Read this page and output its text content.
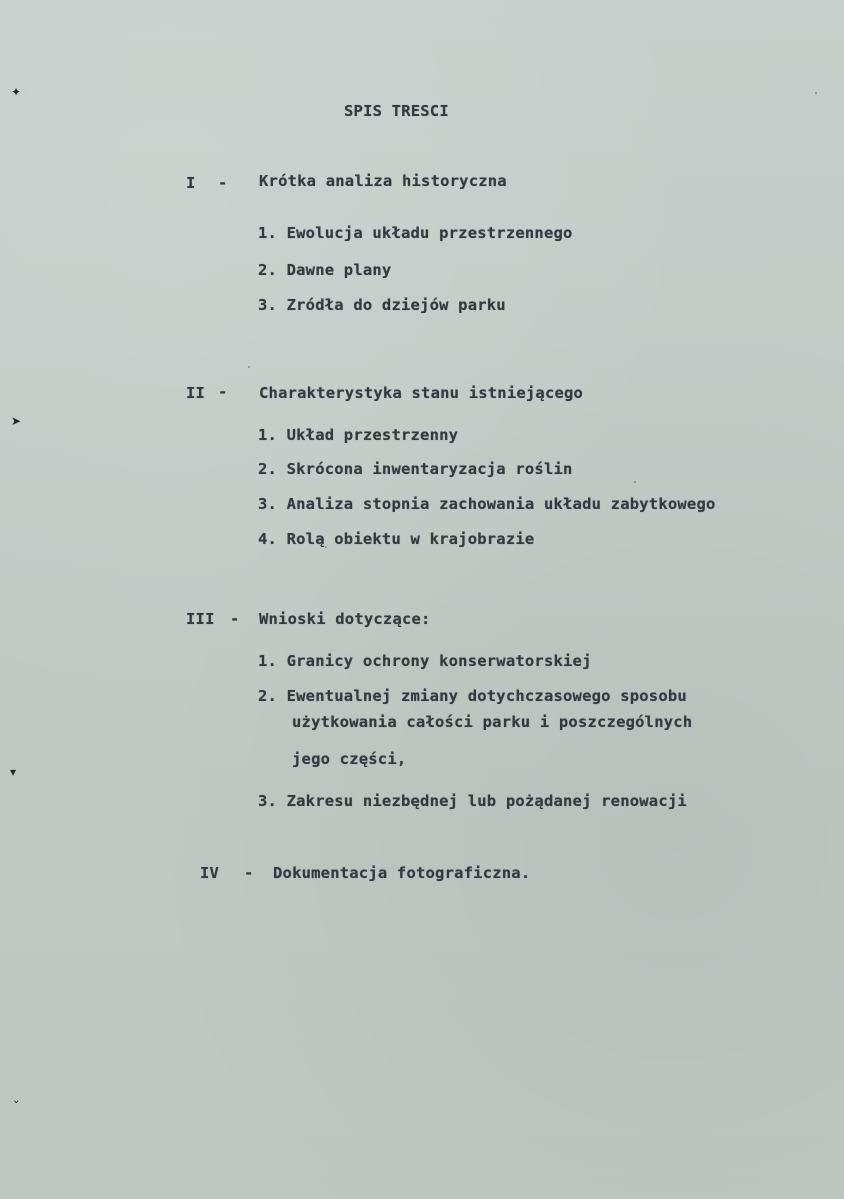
✦
➤
▾
⌄
SPIS TRESCI
I - Krótka analiza historyczna
1. Ewolucja układu przestrzennego
2. Dawne plany
3. Zródła do dziejów parku
II - Charakterystyka stanu istniejącego
1. Układ przestrzenny
2. Skrócona inwentaryzacja roślin
3. Analiza stopnia zachowania układu zabytkowego
4. Rolą obiektu w krajobrazie
III - Wnioski dotyczące:
1. Granicy ochrony konserwatorskiej
2. Ewentualnej zmiany dotychczasowego sposobu
użytkowania całości parku i poszczególnych
jego części,
3. Zakresu niezbędnej lub pożądanej renowacji
IV - Dokumentacja fotograficzna.
